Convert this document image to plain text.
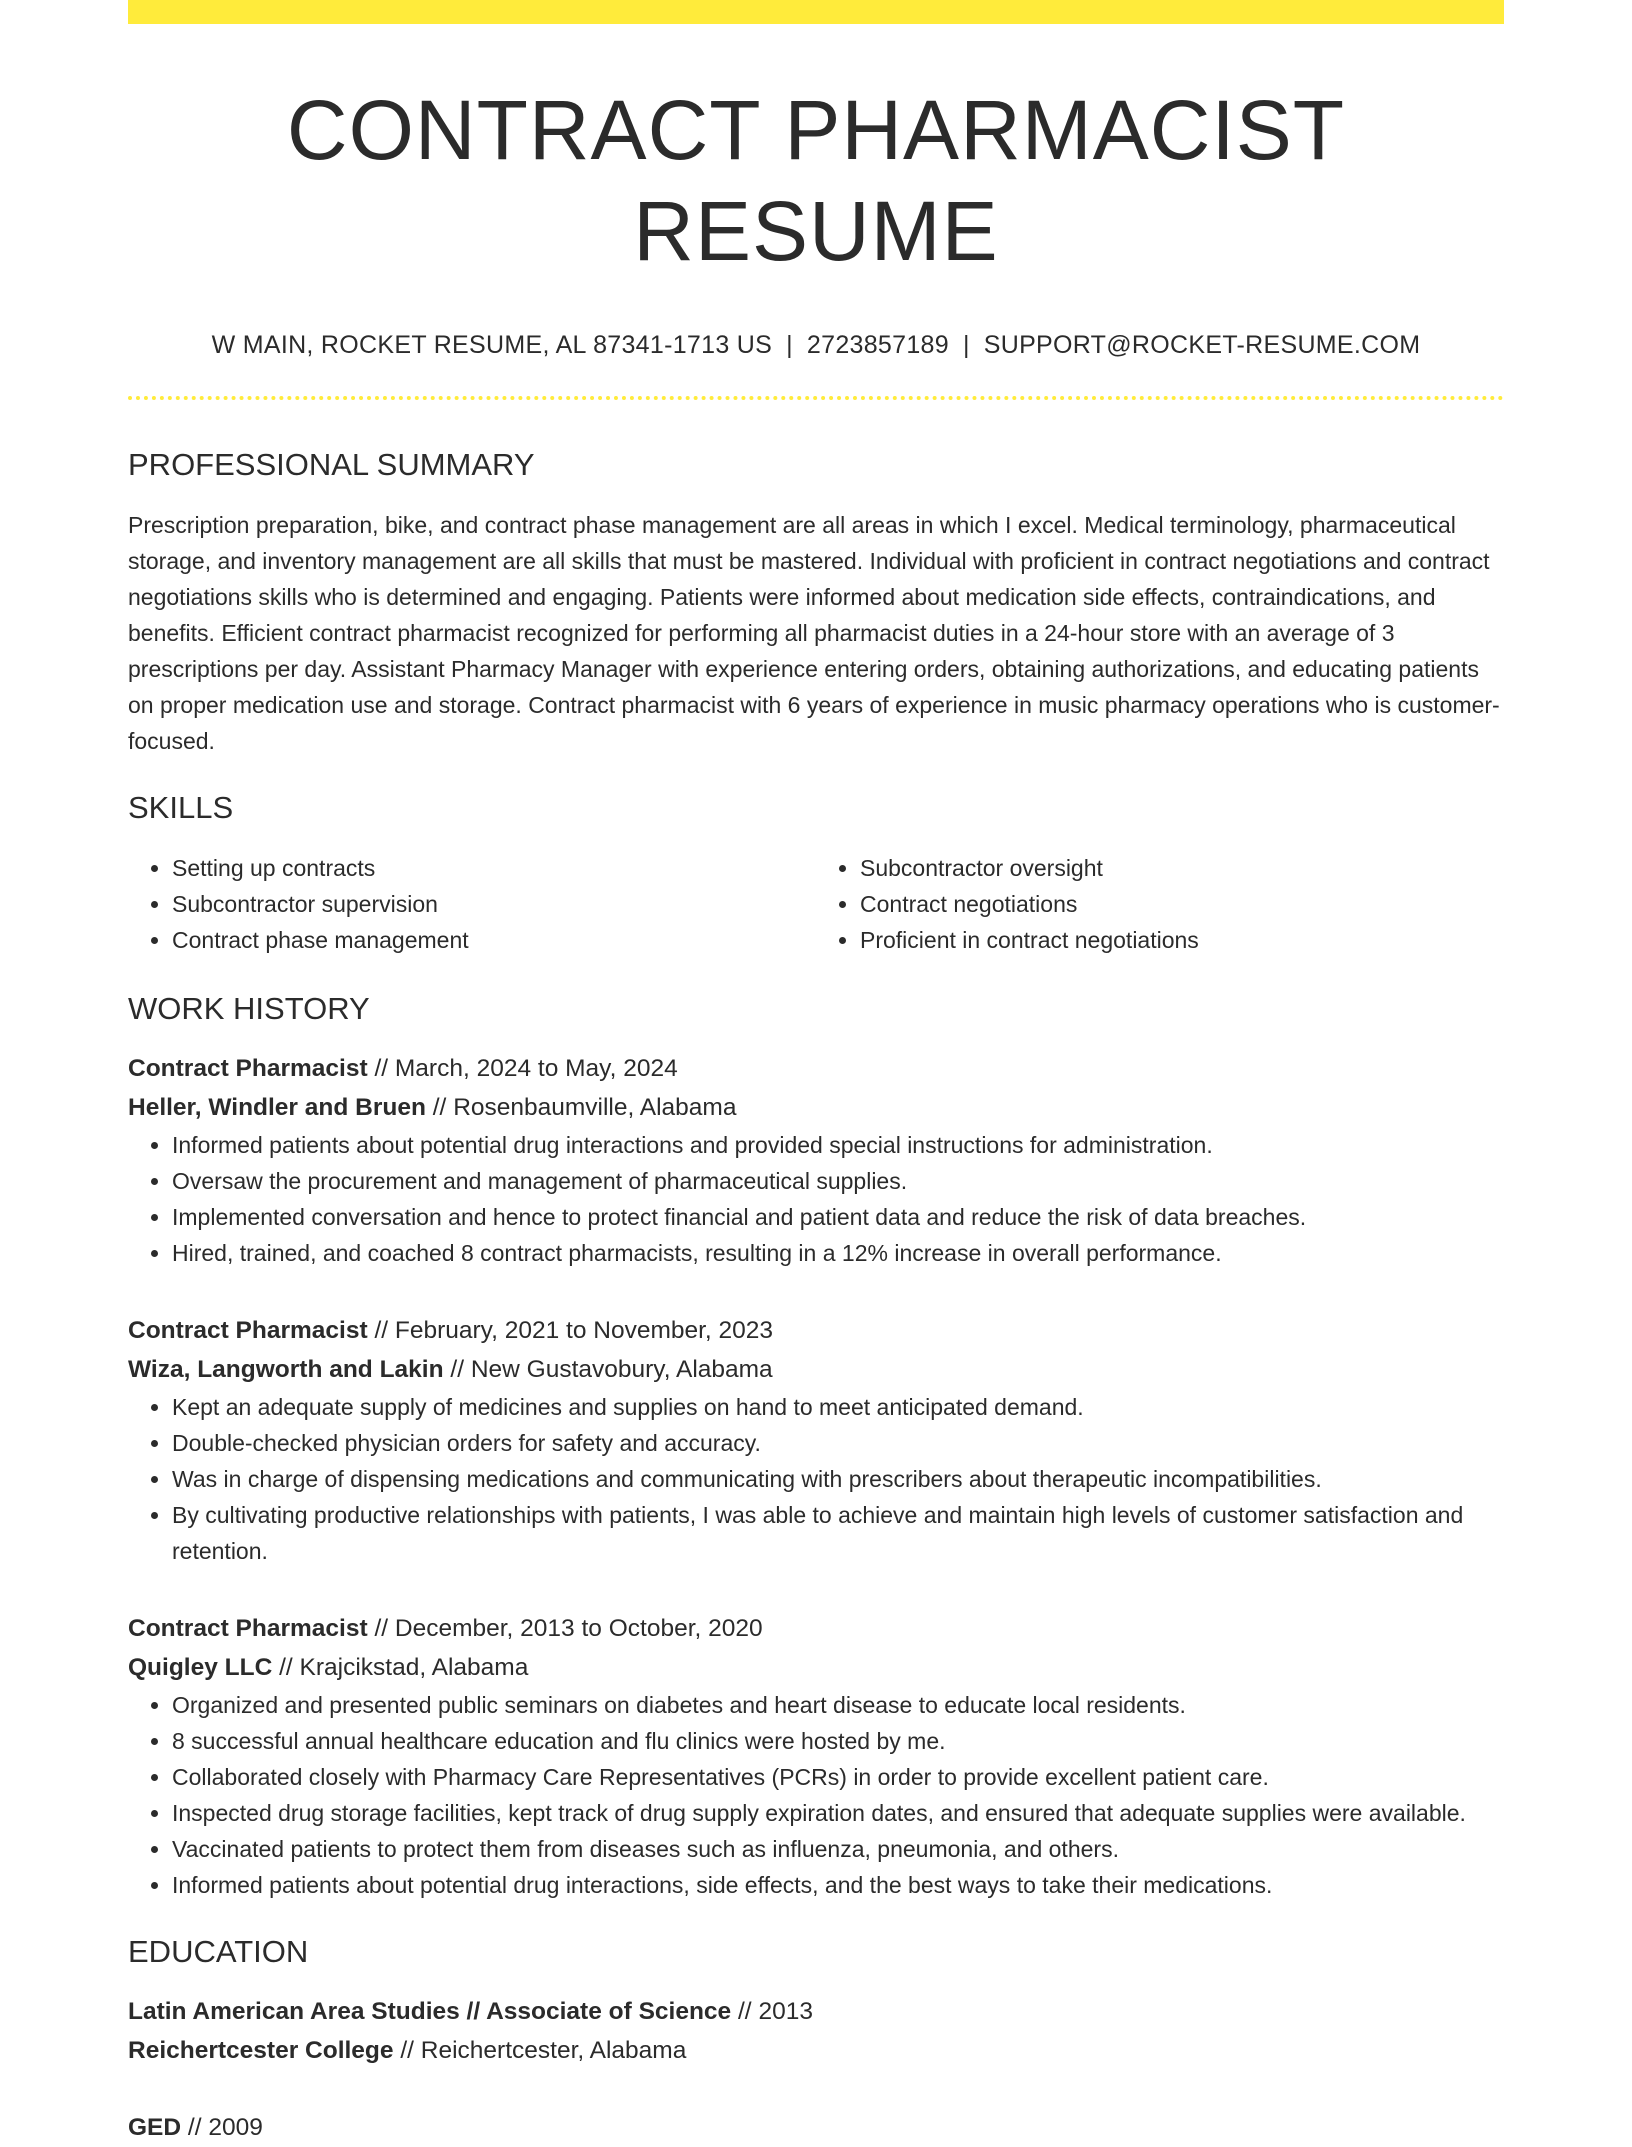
CONTRACT PHARMACIST RESUME
W MAIN, ROCKET RESUME, AL 87341-1713 US | 2723857189 | SUPPORT@ROCKET-RESUME.COM
PROFESSIONAL SUMMARY

Prescription preparation, bike, and contract phase management are all areas in which I excel. Medical terminology, pharmaceutical storage, and inventory management are all skills that must be mastered. Individual with proficient in contract negotiations and contract negotiations skills who is determined and engaging. Patients were informed about medication side effects, contraindications, and benefits. Efficient contract pharmacist recognized for performing all pharmacist duties in a 24-hour store with an average of 3 prescriptions per day. Assistant Pharmacy Manager with experience entering orders, obtaining authorizations, and educating patients on proper medication use and storage. Contract pharmacist with 6 years of experience in music pharmacy operations who is customer-focused.

SKILLS
• Setting up contracts
• Subcontractor supervision
• Contract phase management
• Subcontractor oversight
• Contract negotiations
• Proficient in contract negotiations
WORK HISTORY
Contract Pharmacist // March, 2024 to May, 2024
Heller, Windler and Bruen // Rosenbaumville, Alabama
• Informed patients about potential drug interactions and provided special instructions for administration.
• Oversaw the procurement and management of pharmaceutical supplies.
• Implemented conversation and hence to protect financial and patient data and reduce the risk of data breaches.
• Hired, trained, and coached 8 contract pharmacists, resulting in a 12% increase in overall performance.
Contract Pharmacist // February, 2021 to November, 2023
Wiza, Langworth and Lakin // New Gustavobury, Alabama
• Kept an adequate supply of medicines and supplies on hand to meet anticipated demand.
• Double-checked physician orders for safety and accuracy.
• Was in charge of dispensing medications and communicating with prescribers about therapeutic incompatibilities.
• By cultivating productive relationships with patients, I was able to achieve and maintain high levels of customer satisfaction and retention.
Contract Pharmacist // December, 2013 to October, 2020
Quigley LLC // Krajcikstad, Alabama
• Organized and presented public seminars on diabetes and heart disease to educate local residents.
• 8 successful annual healthcare education and flu clinics were hosted by me.
• Collaborated closely with Pharmacy Care Representatives (PCRs) in order to provide excellent patient care.
• Inspected drug storage facilities, kept track of drug supply expiration dates, and ensured that adequate supplies were available.
• Vaccinated patients to protect them from diseases such as influenza, pneumonia, and others.
• Informed patients about potential drug interactions, side effects, and the best ways to take their medications.
EDUCATION
Latin American Area Studies // Associate of Science // 2013
Reichertcester College // Reichertcester, Alabama
GED // 2009
